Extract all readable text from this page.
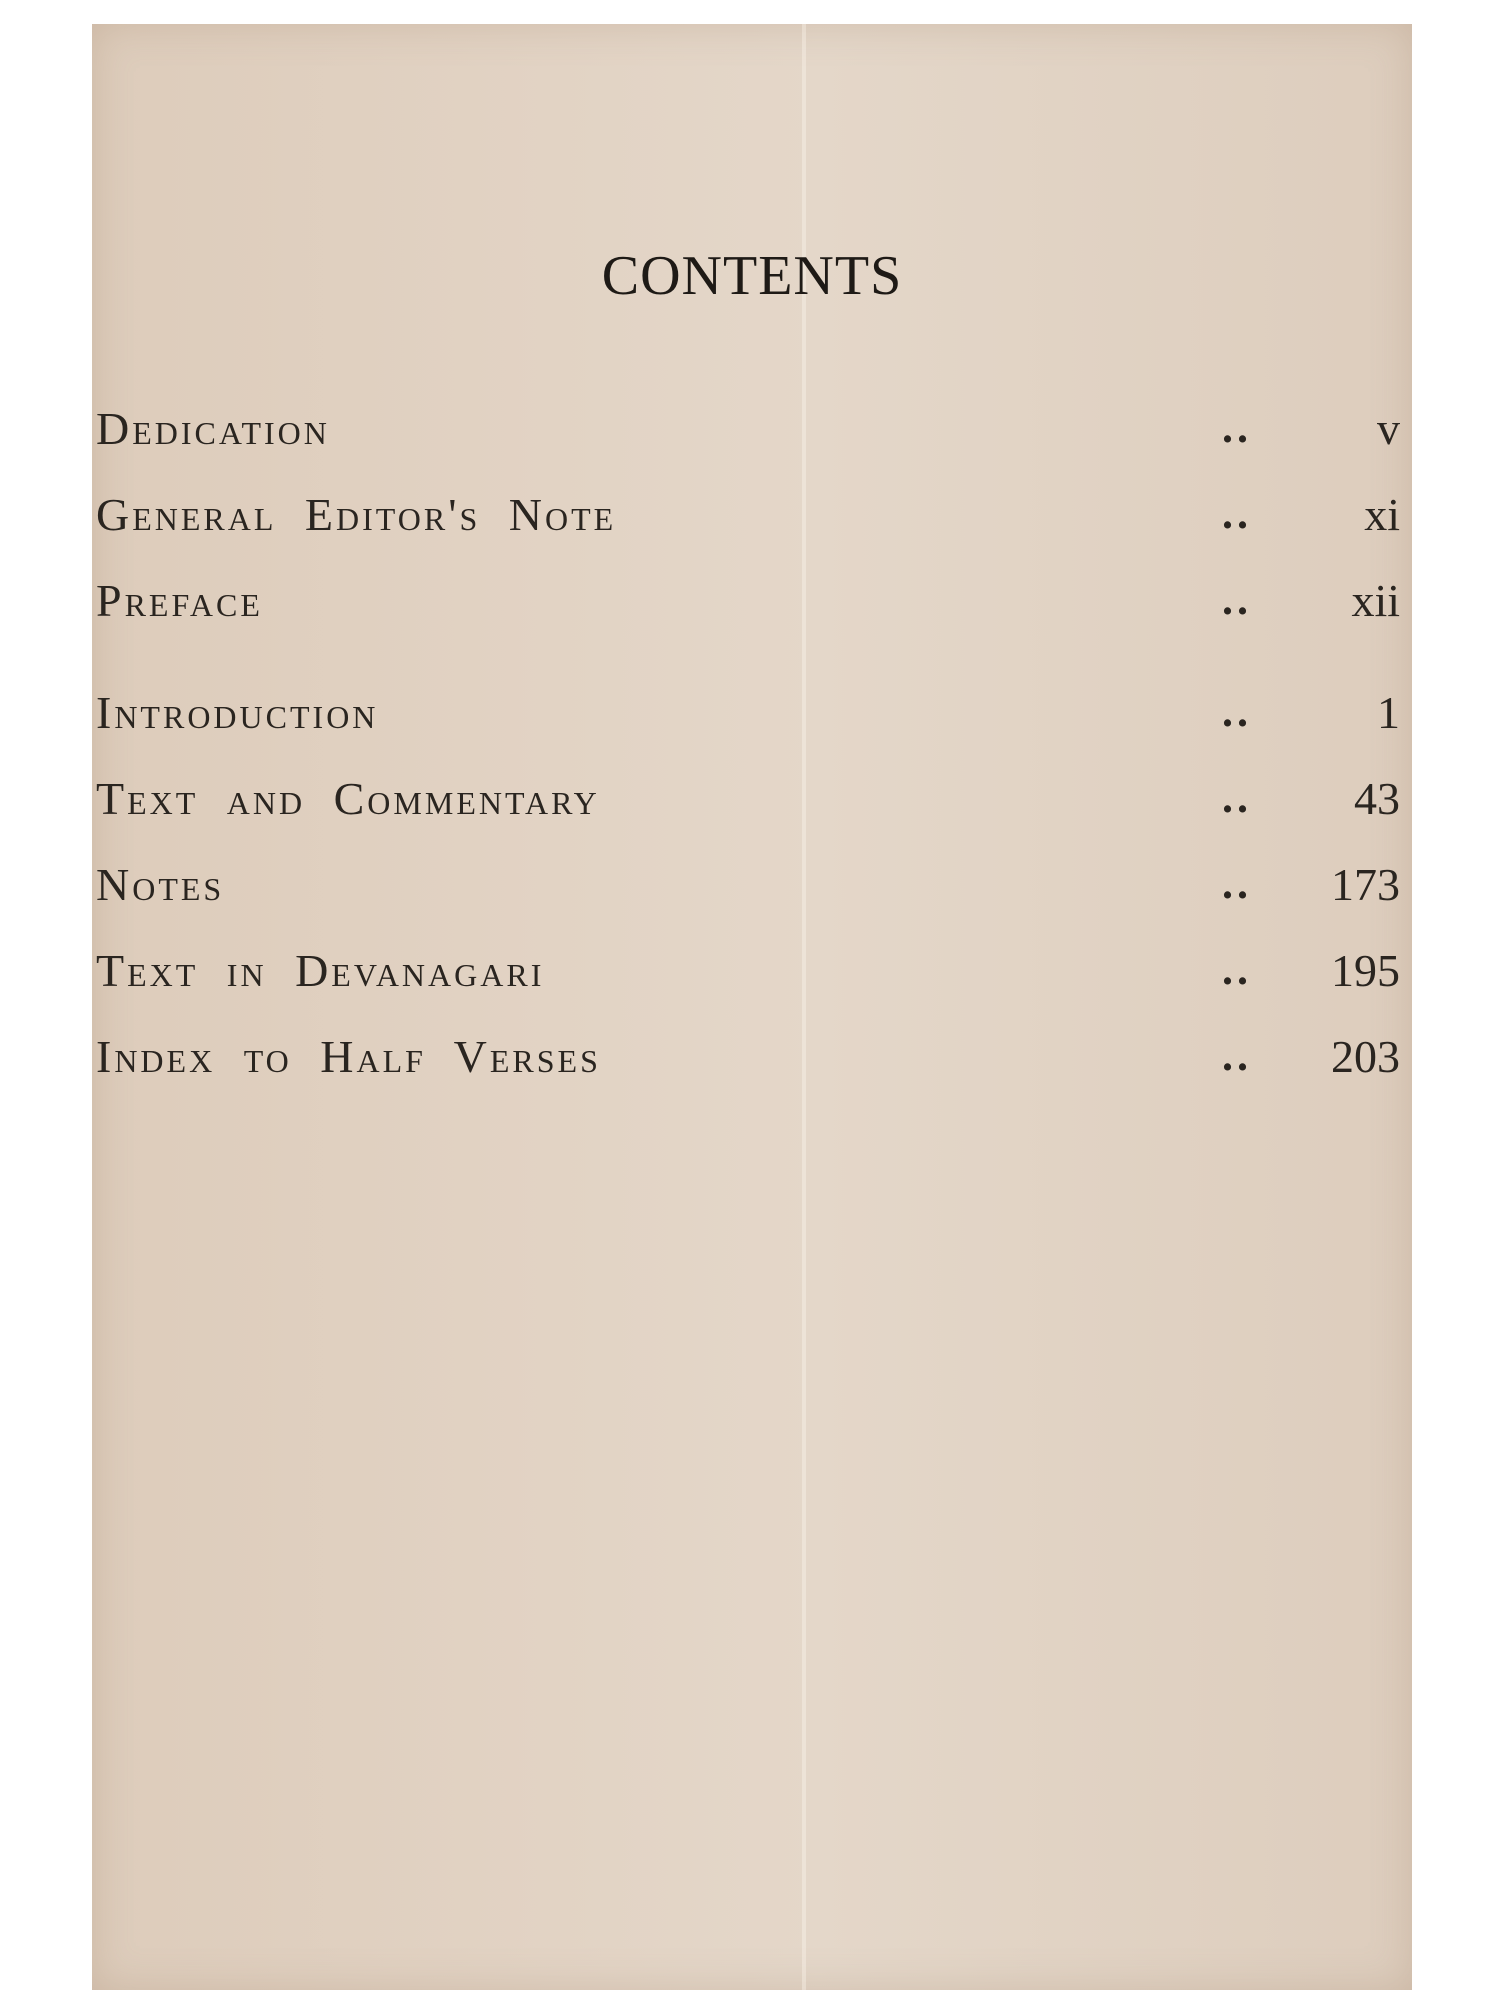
CONTENTS
Dedication	..	v
General Editor's Note	.. xi
Preface	.. xii
Introduction	..	1
Text and Commentary	.. 43
Notes	.. 173
Text in Devanagari	.. 195
Index to Half Verses	.. 203
